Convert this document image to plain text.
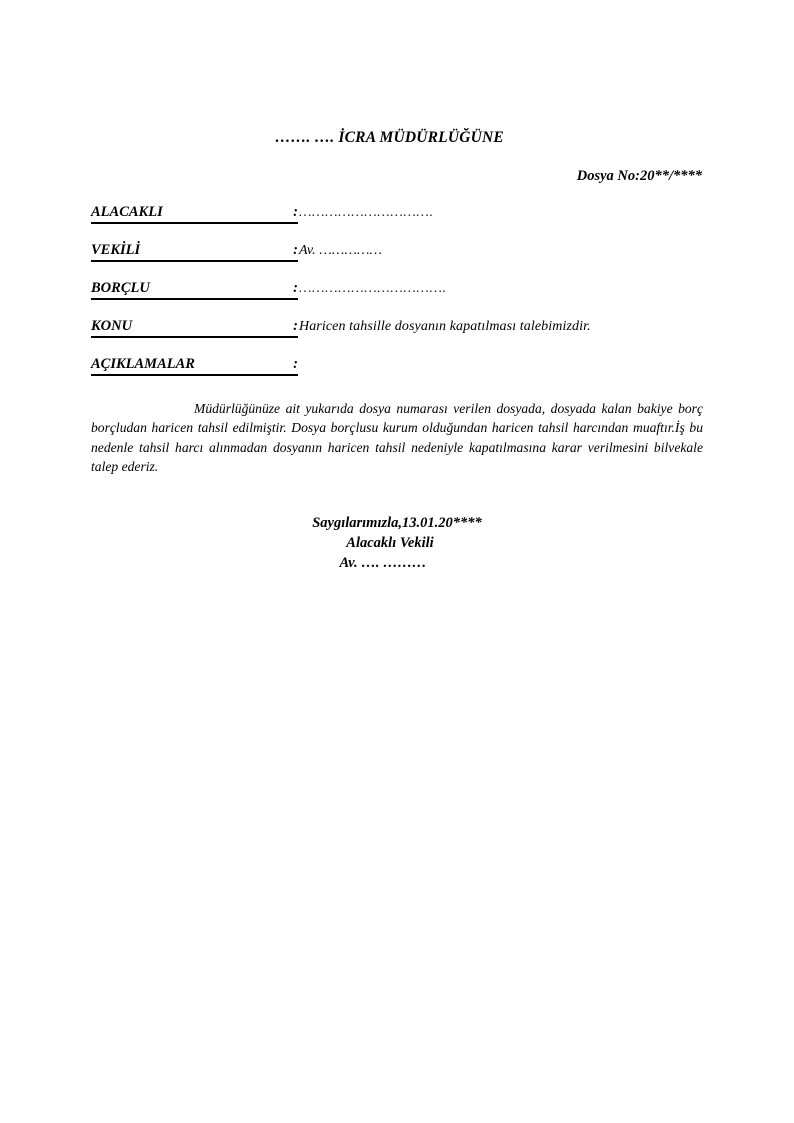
……. …. İCRA MÜDÜRLÜĞÜNE
Dosya No:20**/****
ALACAKLI	: ………………………….
VEKİLİ	: Av. ……………
BORÇLU	: …………………………….
KONU	: Haricen tahsille dosyanın kapatılması talebimizdir.
AÇIKLAMALAR	:
Müdürlüğünüze ait yukarıda dosya numarası verilen dosyada, dosyada kalan bakiye borç borçludan haricen tahsil edilmiştir. Dosya borçlusu kurum olduğundan haricen tahsil harcından muaftır.İş bu nedenle tahsil harcı alınmadan dosyanın haricen tahsil nedeniyle kapatılmasına karar verilmesini bilvekale talep ederiz.
Saygılarımızla,13.01.20****
Alacaklı Vekili
Av. …. ………
